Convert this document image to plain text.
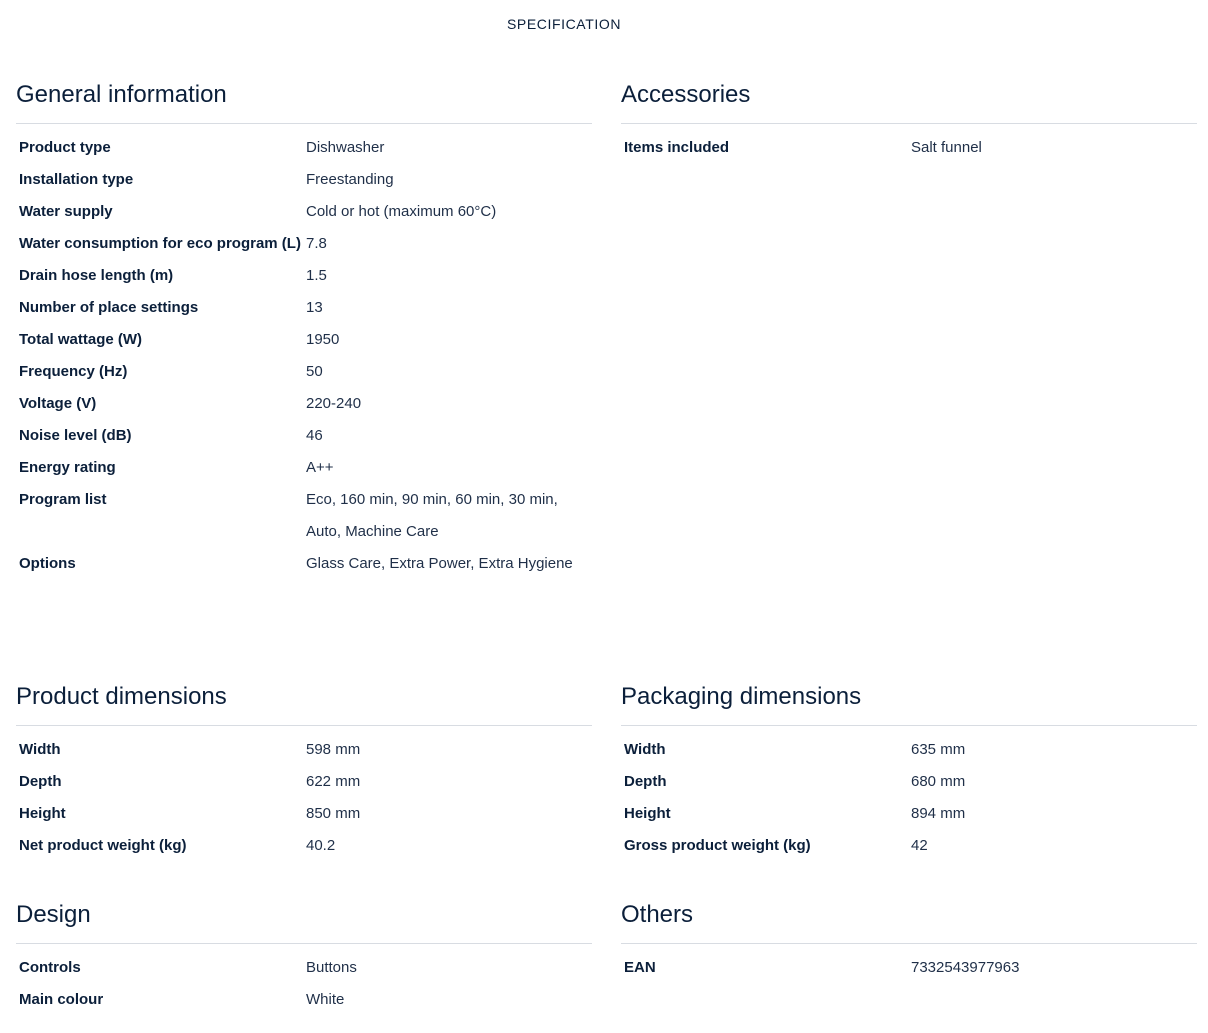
SPECIFICATION
General information
Product type	Dishwasher
Installation type	Freestanding
Water supply	Cold or hot (maximum 60°C)
Water consumption for eco program (L) 7.8
Drain hose length (m)	1.5
Number of place settings	13
Total wattage (W)	1950
Frequency (Hz)	50
Voltage (V)	220-240
Noise level (dB)	46
Energy rating	A++
Program list	Eco, 160 min, 90 min, 60 min, 30 min, Auto, Machine Care
Options	Glass Care, Extra Power, Extra Hygiene
Accessories
Items included	Salt funnel
Product dimensions
Width	598 mm
Depth	622 mm
Height	850 mm
Net product weight (kg)	40.2
Packaging dimensions
Width	635 mm
Depth	680 mm
Height	894 mm
Gross product weight (kg)	42
Design
Controls	Buttons
Main colour	White
Others
EAN	7332543977963
